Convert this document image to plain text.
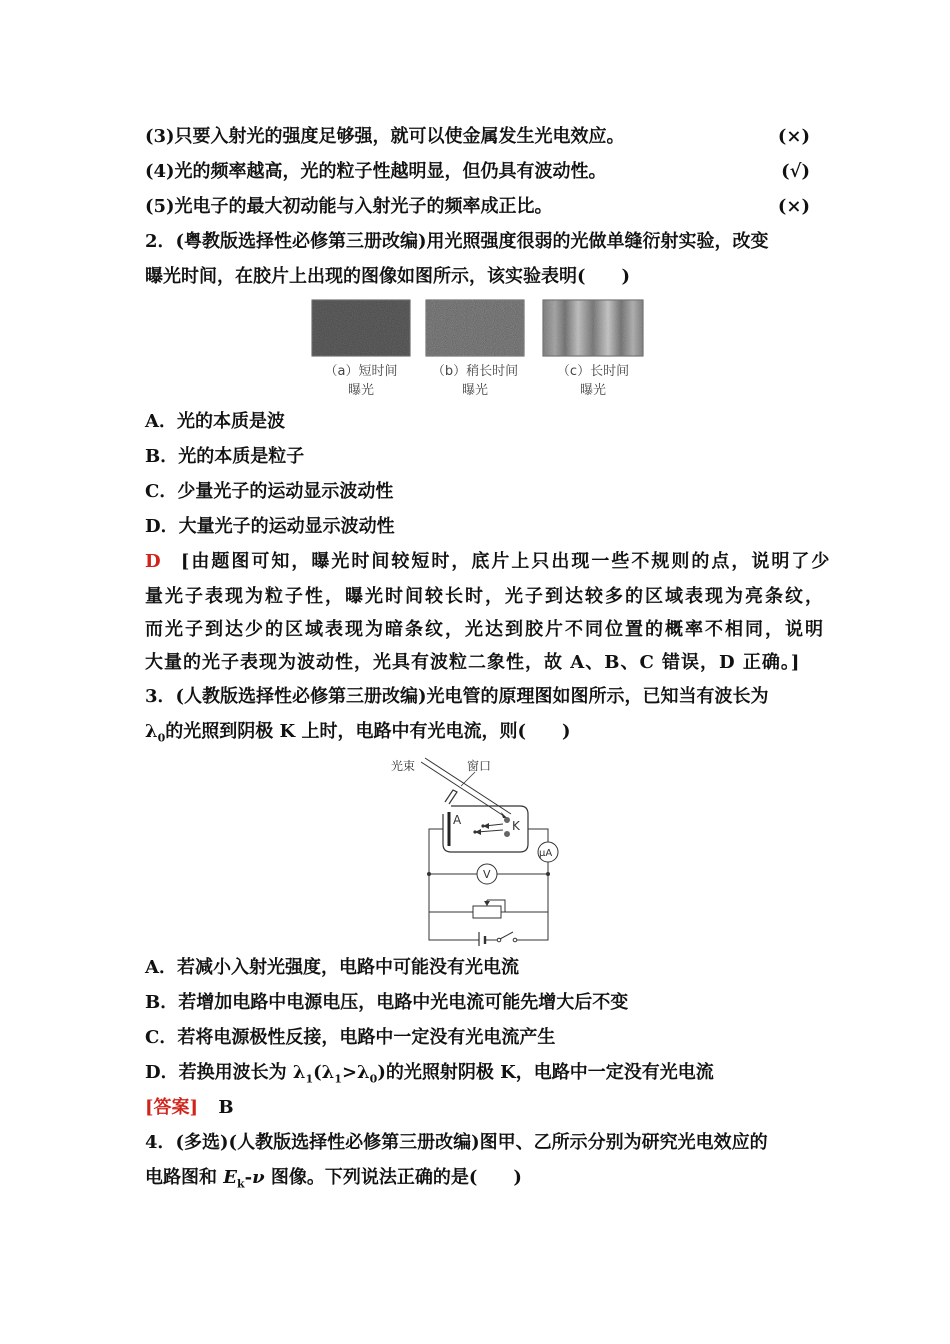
(3)只要入射光的强度足够强，就可以使金属发生光电效应。	(×)
(4)光的频率越高，光的粒子性越明显，但仍具有波动性。	(√)
(5)光电子的最大初动能与入射光子的频率成正比。	(×)
2．(粤教版选择性必修第三册改编)用光照强度很弱的光做单缝衍射实验，改变
曝光时间，在胶片上出现的图像如图所示，该实验表明(　　)
（a）短时间
曝光
（b）稍长时间
曝光
（c）长时间
曝光
A．光的本质是波
B．光的本质是粒子
C．少量光子的运动显示波动性
D．大量光子的运动显示波动性
D [由题图可知，曝光时间较短时，底片上只出现一些不规则的点，说明了少
量光子表现为粒子性，曝光时间较长时，光子到达较多的区域表现为亮条纹，
而光子到达少的区域表现为暗条纹，光达到胶片不同位置的概率不相同，说明
大量的光子表现为波动性，光具有波粒二象性，故 A、B、C 错误，D 正确。]
3．(人教版选择性必修第三册改编)光电管的原理图如图所示，已知当有波长为
$\lambda_0$的光照到阴极 K 上时，电路中有光电流，则(　　)
光束	窗口
A	K
μA
V
A．若减小入射光强度，电路中可能没有光电流
B．若增加电路中电源电压，电路中光电流可能先增大后不变
C．若将电源极性反接，电路中一定没有光电流产生
D．若换用波长为 $\lambda_1(\lambda_1>\lambda_0)$的光照射阴极 K，电路中一定没有光电流
[答案] B
4．(多选)(人教版选择性必修第三册改编)图甲、乙所示分别为研究光电效应的
电路图和 $E_k-\nu$ 图像。下列说法正确的是(　　)
